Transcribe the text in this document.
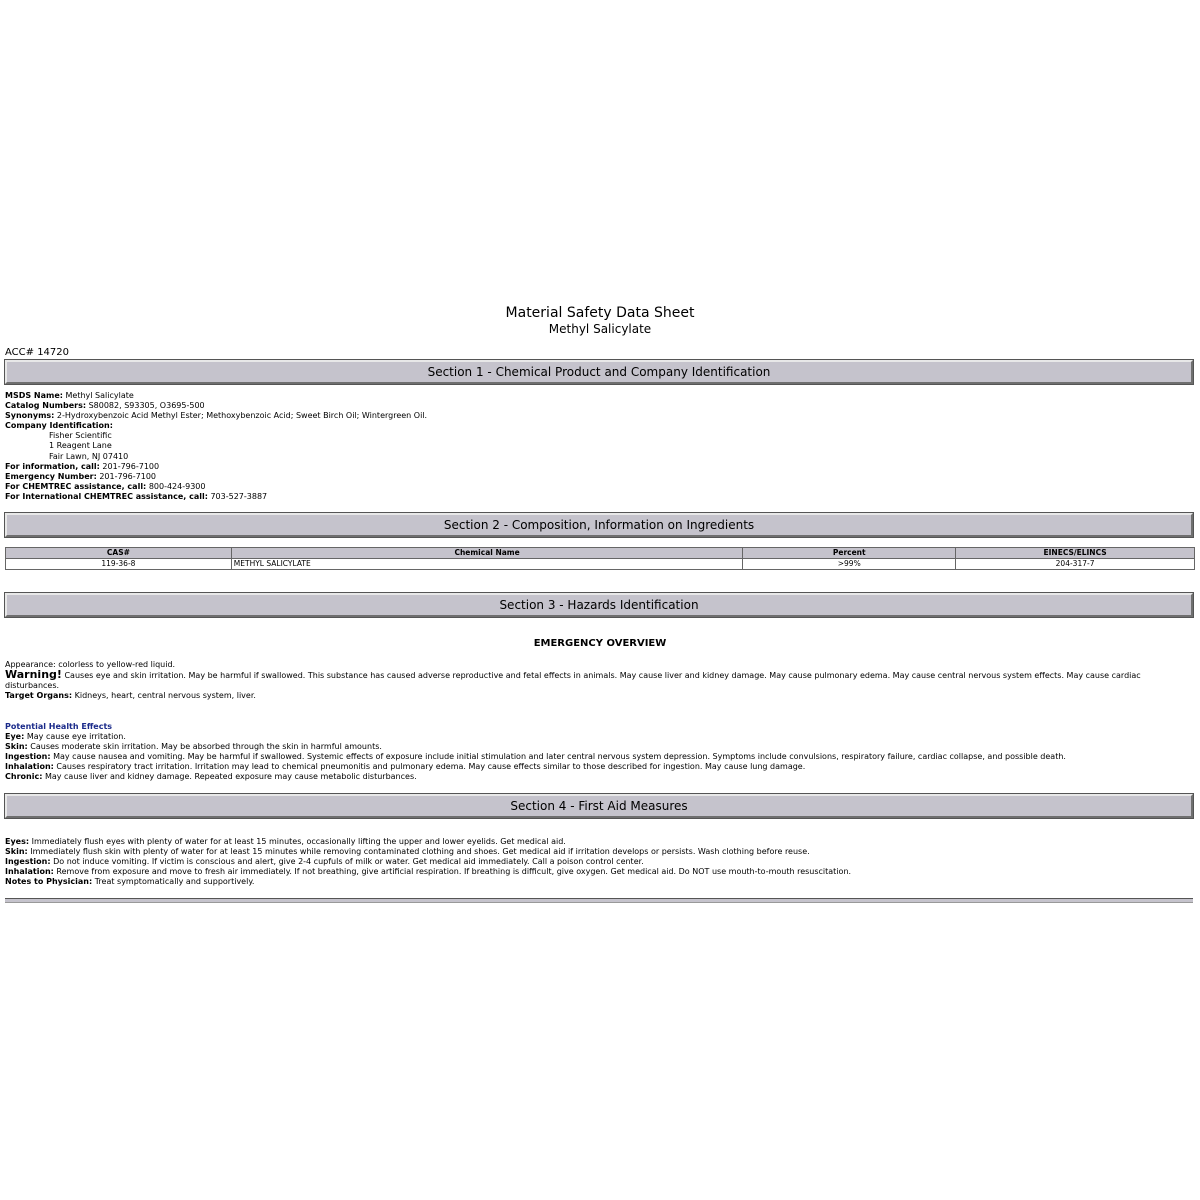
Material Safety Data Sheet
Methyl Salicylate
ACC# 14720
Section 1 - Chemical Product and Company Identification
MSDS Name: Methyl Salicylate
Catalog Numbers: S80082, S93305, O3695-500
Synonyms: 2-Hydroxybenzoic Acid Methyl Ester; Methoxybenzoic Acid; Sweet Birch Oil; Wintergreen Oil.
Company Identification:
Fisher Scientific
1 Reagent Lane
Fair Lawn, NJ 07410
For information, call: 201-796-7100
Emergency Number: 201-796-7100
For CHEMTREC assistance, call: 800-424-9300
For International CHEMTREC assistance, call: 703-527-3887
Section 2 - Composition, Information on Ingredients
CAS#	Chemical Name	Percent	EINECS/ELINCS
119-36-8	METHYL SALICYLATE	>99%	204-317-7
Section 3 - Hazards Identification
EMERGENCY OVERVIEW
Appearance: colorless to yellow-red liquid.
Warning! Causes eye and skin irritation. May be harmful if swallowed. This substance has caused adverse reproductive and fetal effects in animals. May cause liver and kidney damage. May cause pulmonary edema. May cause central nervous system effects. May cause cardiac disturbances.
Target Organs: Kidneys, heart, central nervous system, liver.
Potential Health Effects
Eye: May cause eye irritation.
Skin: Causes moderate skin irritation. May be absorbed through the skin in harmful amounts.
Ingestion: May cause nausea and vomiting. May be harmful if swallowed. Systemic effects of exposure include initial stimulation and later central nervous system depression. Symptoms include convulsions, respiratory failure, cardiac collapse, and possible death.
Inhalation: Causes respiratory tract irritation. Irritation may lead to chemical pneumonitis and pulmonary edema. May cause effects similar to those described for ingestion. May cause lung damage.
Chronic: May cause liver and kidney damage. Repeated exposure may cause metabolic disturbances.
Section 4 - First Aid Measures
Eyes: Immediately flush eyes with plenty of water for at least 15 minutes, occasionally lifting the upper and lower eyelids. Get medical aid.
Skin: Immediately flush skin with plenty of water for at least 15 minutes while removing contaminated clothing and shoes. Get medical aid if irritation develops or persists. Wash clothing before reuse.
Ingestion: Do not induce vomiting. If victim is conscious and alert, give 2-4 cupfuls of milk or water. Get medical aid immediately. Call a poison control center.
Inhalation: Remove from exposure and move to fresh air immediately. If not breathing, give artificial respiration. If breathing is difficult, give oxygen. Get medical aid. Do NOT use mouth-to-mouth resuscitation.
Notes to Physician: Treat symptomatically and supportively.
